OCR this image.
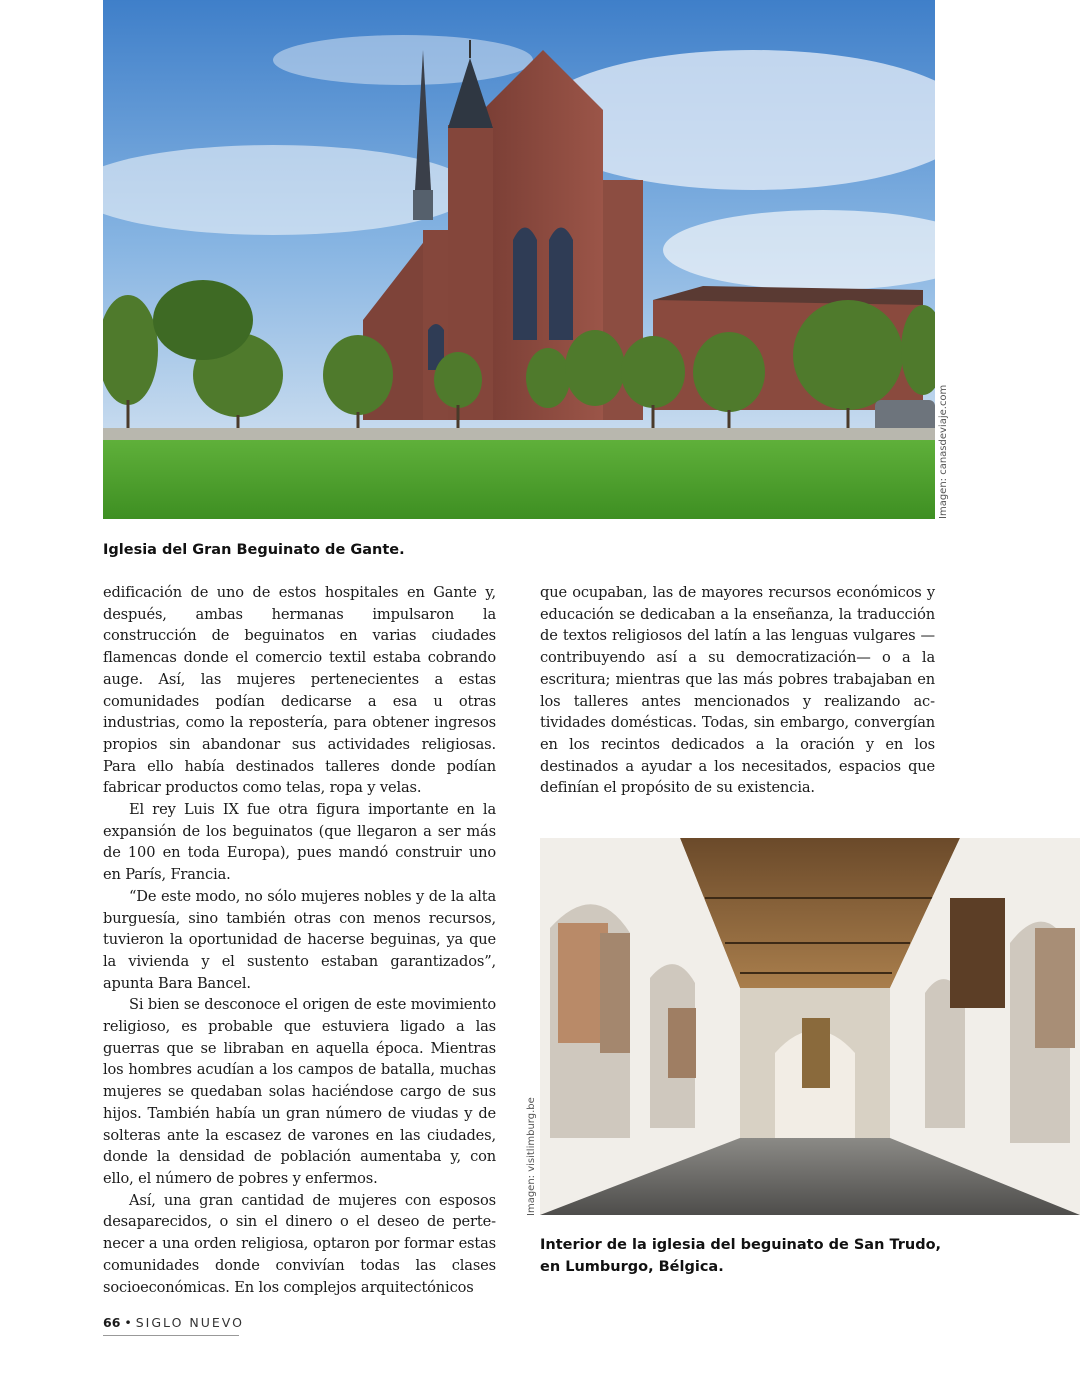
Imagen: canasdeviaje.com
Iglesia del Gran Beguinato de Gante.

edificación de uno de estos hospitales en Gante y, después, ambas hermanas impulsaron la construcción de beguinatos en varias ciudades flamencas donde el comercio textil estaba cobrando auge. Así, las mujeres pertenecientes a estas comunidades podían dedicarse a esa u otras industrias, como la repostería, para obtener ingresos propios sin abandonar sus actividades religiosas. Para ello había destinados talleres donde podían fabricar productos como telas, ropa y velas.

El rey Luis IX fue otra figura importante en la expansión de los beguinatos (que llegaron a ser más de 100 en toda Europa), pues mandó construir uno en París, Francia.

“De este modo, no sólo mujeres nobles y de la alta burguesía, sino también otras con menos recursos, tuvieron la oportunidad de hacerse beguinas, ya que la vivienda y el sustento estaban garantizados”, apunta Bara Bancel.

Si bien se desconoce el origen de este movimiento religioso, es probable que estuviera ligado a las guerras que se libraban en aquella época. Mientras los hombres acudían a los campos de batalla, muchas mujeres se quedaban solas haciéndose cargo de sus hijos. También había un gran número de viudas y de solteras ante la escasez de varones en las ciudades, donde la densidad de población aumentaba y, con ello, el número de pobres y enfermos.

Así, una gran cantidad de mujeres con esposos desaparecidos, o sin el dinero o el deseo de pertenecer a una orden religiosa, optaron por formar estas comunidades donde convivían todas las clases socioeconómicas. En los complejos arquitectónicos

que ocupaban, las de mayores recursos económicos y educación se dedicaban a la enseñanza, la traducción de textos religiosos del latín a las lenguas vulgares —contribuyendo así a su democratización— o a la escritura; mientras que las más pobres trabajaban en los talleres antes mencionados y realizando actividades domésticas. Todas, sin embargo, convergían en los recintos dedicados a la oración y en los destinados a ayudar a los necesitados, espacios que definían el propósito de su existencia.

Imagen: visitlimburg.be
Interior de la iglesia del beguinato de San Trudo, en Lumburgo, Bélgica.
66 • SIGLO NUEVO
